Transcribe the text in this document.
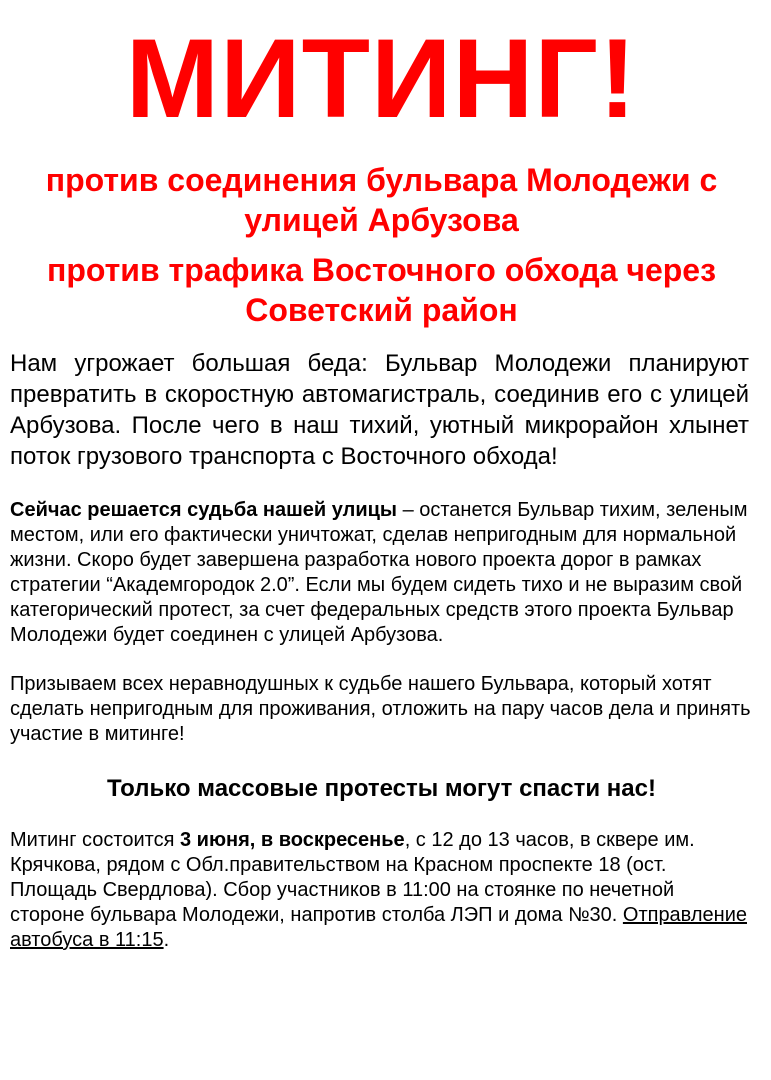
МИТИНГ!

против соединения бульвара Молодежи с улицей Арбузова

против трафика Восточного обхода через Советский район

Нам угрожает большая беда: Бульвар Молодежи планируют превратить в скоростную автомагистраль, соединив его с улицей Арбузова. После чего в наш тихий, уютный микрорайон хлынет поток грузового транспорта с Восточного обхода!

Сейчас решается судьба нашей улицы – останется Бульвар тихим, зеленым местом, или его фактически уничтожат, сделав непригодным для нормальной жизни. Скоро будет завершена разработка нового проекта дорог в рамках стратегии “Академгородок 2.0”. Если мы будем сидеть тихо и не выразим свой категорический протест, за счет федеральных средств этого проекта Бульвар Молодежи будет соединен с улицей Арбузова.

Призываем всех неравнодушных к судьбе нашего Бульвара, который хотят сделать непригодным для проживания, отложить на пару часов дела и принять участие в митинге!

Только массовые протесты могут спасти нас!

Митинг состоится 3 июня, в воскресенье, с 12 до 13 часов, в сквере им. Крячкова, рядом с Обл.правительством на Красном проспекте 18 (ост. Площадь Свердлова). Сбор участников в 11:00 на стоянке по нечетной стороне бульвара Молодежи, напротив столба ЛЭП и дома №30. Отправление автобуса в 11:15.
